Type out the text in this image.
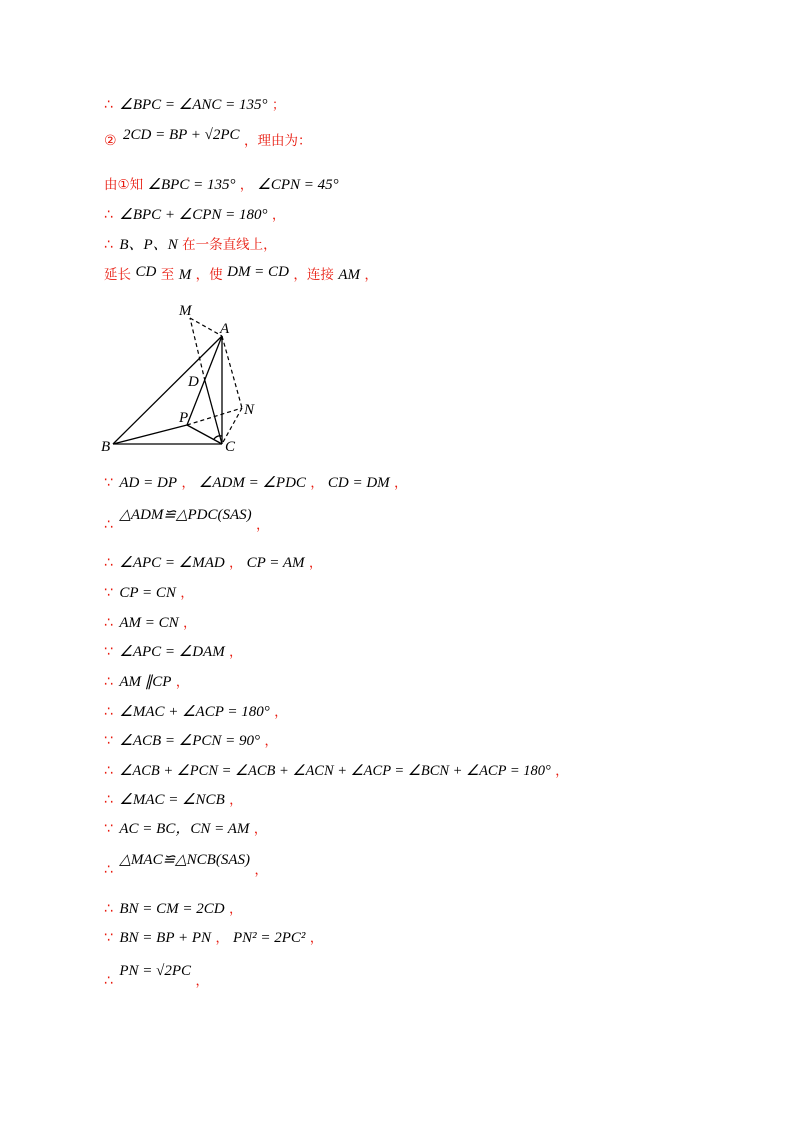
∴ ∠BPC = ∠ANC = 135° ；
② 2CD = BP + √2PC ，理由为：
由①知 ∠BPC = 135° ， ∠CPN = 45°
∴ ∠BPC + ∠CPN = 180° ，
∴ B、P、N 在一条直线上，
延长 CD 至 M ，使 DM = CD ，连接 AM ，
M
A
D
P	N
B	C
∵ AD = DP ， ∠ADM = ∠PDC ， CD = DM ，
∴ △ADM≌△PDC(SAS) ，
∴ ∠APC = ∠MAD ， CP = AM ，
∵ CP = CN ，
∴ AM = CN ，
∵ ∠APC = ∠DAM ，
∴ AM ∥CP ，
∴ ∠MAC + ∠ACP = 180° ，
∵ ∠ACB = ∠PCN = 90° ，
∴ ∠ACB + ∠PCN = ∠ACB + ∠ACN + ∠ACP = ∠BCN + ∠ACP = 180° ，
∴ ∠MAC = ∠NCB ，
∵ AC = BC，CN = AM ，
∴ △MAC≌△NCB(SAS) ，
∴ BN = CM = 2CD ，
∵ BN = BP + PN ， PN² = 2PC² ，
∴ PN = √2PC ，
